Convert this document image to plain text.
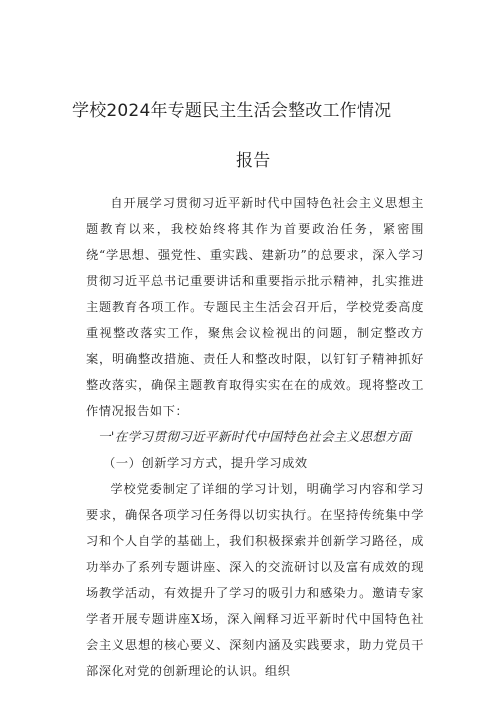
学校2024年专题民主生活会整改工作情况
报告

自开展学习贯彻习近平新时代中国特色社会主义思想主题教育以来，我校始终将其作为首要政治任务，紧密围绕“学思想、强党性、重实践、建新功”的总要求，深入学习贯彻习近平总书记重要讲话和重要指示批示精神，扎实推进主题教育各项工作。专题民主生活会召开后，学校党委高度重视整改落实工作，聚焦会议检视出的问题，制定整改方案，明确整改措施、责任人和整改时限，以钉钉子精神抓好整改落实，确保主题教育取得实实在在的成效。现将整改工作情况报告如下：

一'在学习贯彻习近平新时代中国特色社会主义思想方面

（一）创新学习方式，提升学习成效

学校党委制定了详细的学习计划，明确学习内容和学习要求，确保各项学习任务得以切实执行。在坚持传统集中学习和个人自学的基础上，我们积极探索并创新学习路径，成功举办了系列专题讲座、深入的交流研讨以及富有成效的现场教学活动，有效提升了学习的吸引力和感染力。邀请专家学者开展专题讲座X场，深入阐释习近平新时代中国特色社会主义思想的核心要义、深刻内涵及实践要求，助力党员干部深化对党的创新理论的认识。组织
